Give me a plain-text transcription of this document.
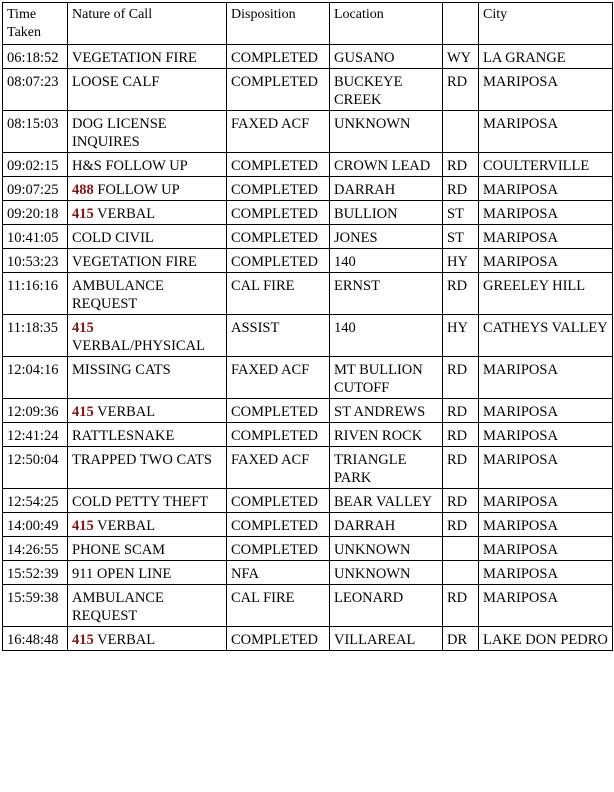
Time Taken	Nature of Call	Disposition	Location		City
06:18:52	VEGETATION FIRE	COMPLETED	GUSANO	WY	LA GRANGE
08:07:23	LOOSE CALF	COMPLETED	BUCKEYE CREEK	RD	MARIPOSA
08:15:03	DOG LICENSE INQUIRES	FAXED ACF	UNKNOWN		MARIPOSA
09:02:15	H&S FOLLOW UP	COMPLETED	CROWN LEAD	RD	COULTERVILLE
09:07:25	488 FOLLOW UP	COMPLETED	DARRAH	RD	MARIPOSA
09:20:18	415 VERBAL	COMPLETED	BULLION	ST	MARIPOSA
10:41:05	COLD CIVIL	COMPLETED	JONES	ST	MARIPOSA
10:53:23	VEGETATION FIRE	COMPLETED	140	HY	MARIPOSA
11:16:16	AMBULANCE REQUEST	CAL FIRE	ERNST	RD	GREELEY HILL
11:18:35	415 VERBAL/PHYSICAL	ASSIST	140	HY	CATHEYS VALLEY
12:04:16	MISSING CATS	FAXED ACF	MT BULLION CUTOFF	RD	MARIPOSA
12:09:36	415 VERBAL	COMPLETED	ST ANDREWS	RD	MARIPOSA
12:41:24	RATTLESNAKE	COMPLETED	RIVEN ROCK	RD	MARIPOSA
12:50:04	TRAPPED TWO CATS	FAXED ACF	TRIANGLE PARK	RD	MARIPOSA
12:54:25	COLD PETTY THEFT	COMPLETED	BEAR VALLEY	RD	MARIPOSA
14:00:49	415 VERBAL	COMPLETED	DARRAH	RD	MARIPOSA
14:26:55	PHONE SCAM	COMPLETED	UNKNOWN		MARIPOSA
15:52:39	911 OPEN LINE	NFA	UNKNOWN		MARIPOSA
15:59:38	AMBULANCE REQUEST	CAL FIRE	LEONARD	RD	MARIPOSA
16:48:48	415 VERBAL	COMPLETED	VILLAREAL	DR	LAKE DON PEDRO
